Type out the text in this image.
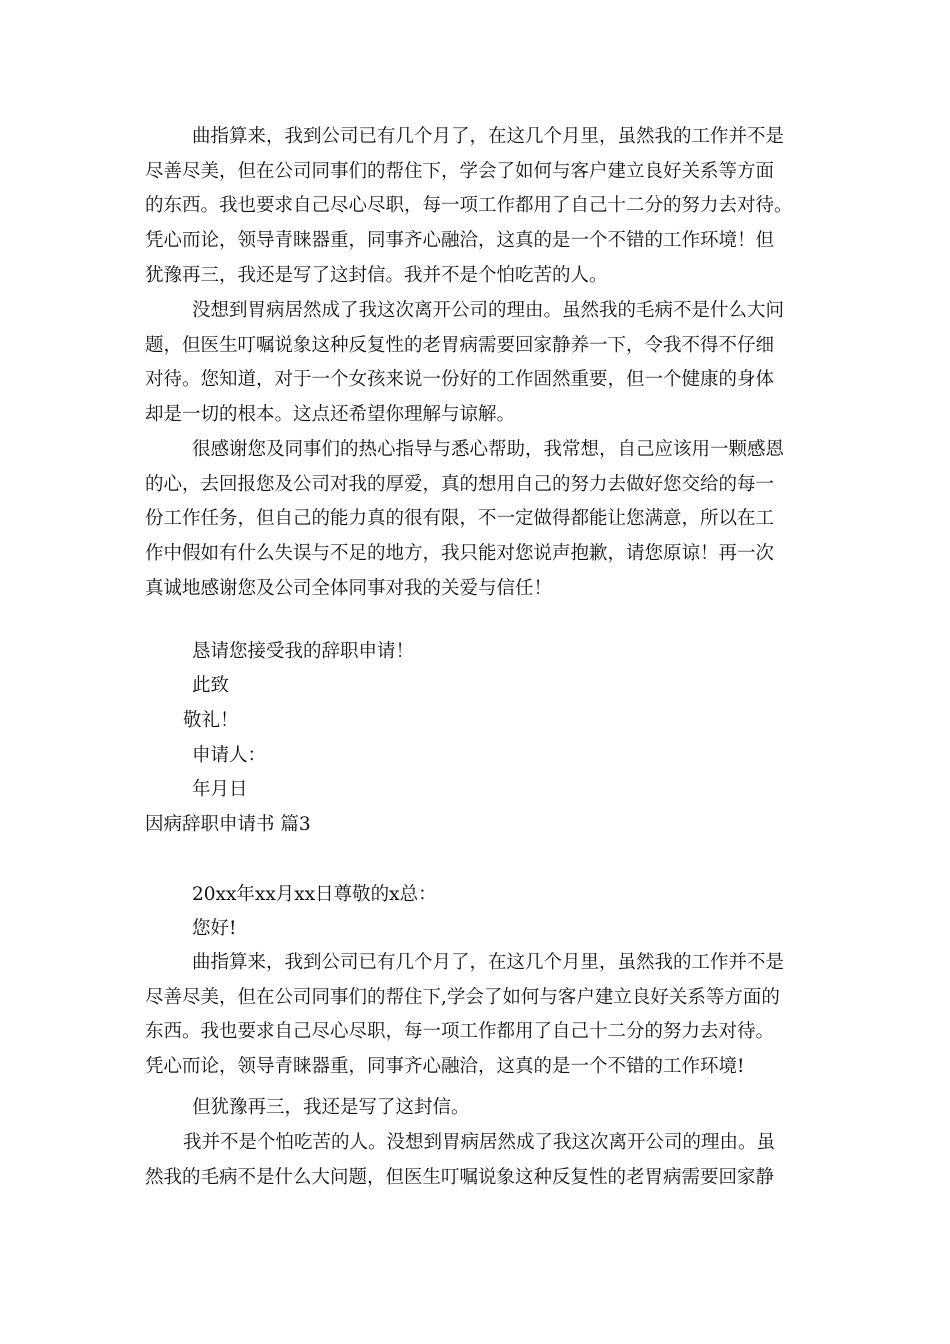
曲指算来，我到公司已有几个月了，在这几个月里，虽然我的工作并不是
尽善尽美，但在公司同事们的帮住下，学会了如何与客户建立良好关系等方面
的东西。我也要求自己尽心尽职，每一项工作都用了自己十二分的努力去对待。
凭心而论，领导青睐器重，同事齐心融洽，这真的是一个不错的工作环境！但
犹豫再三，我还是写了这封信。我并不是个怕吃苦的人。
没想到胃病居然成了我这次离开公司的理由。虽然我的毛病不是什么大问
题，但医生叮嘱说象这种反复性的老胃病需要回家静养一下，令我不得不仔细
对待。您知道，对于一个女孩来说一份好的工作固然重要，但一个健康的身体
却是一切的根本。这点还希望你理解与谅解。
很感谢您及同事们的热心指导与悉心帮助，我常想，自己应该用一颗感恩
的心，去回报您及公司对我的厚爱，真的想用自己的努力去做好您交给的每一
份工作任务，但自己的能力真的很有限，不一定做得都能让您满意，所以在工
作中假如有什么失误与不足的地方，我只能对您说声抱歉，请您原谅！再一次
真诚地感谢您及公司全体同事对我的关爱与信任！
恳请您接受我的辞职申请！
此致
敬礼！
申请人：
年月日
因病辞职申请书 篇3
20xx年xx月xx日尊敬的x总：
您好!
曲指算来，我到公司已有几个月了，在这几个月里，虽然我的工作并不是
尽善尽美，但在公司同事们的帮住下,学会了如何与客户建立良好关系等方面的
东西。我也要求自己尽心尽职，每一项工作都用了自己十二分的努力去对待。
凭心而论，领导青睐器重，同事齐心融洽，这真的是一个不错的工作环境!
但犹豫再三，我还是写了这封信。
我并不是个怕吃苦的人。没想到胃病居然成了我这次离开公司的理由。虽
然我的毛病不是什么大问题，但医生叮嘱说象这种反复性的老胃病需要回家静
